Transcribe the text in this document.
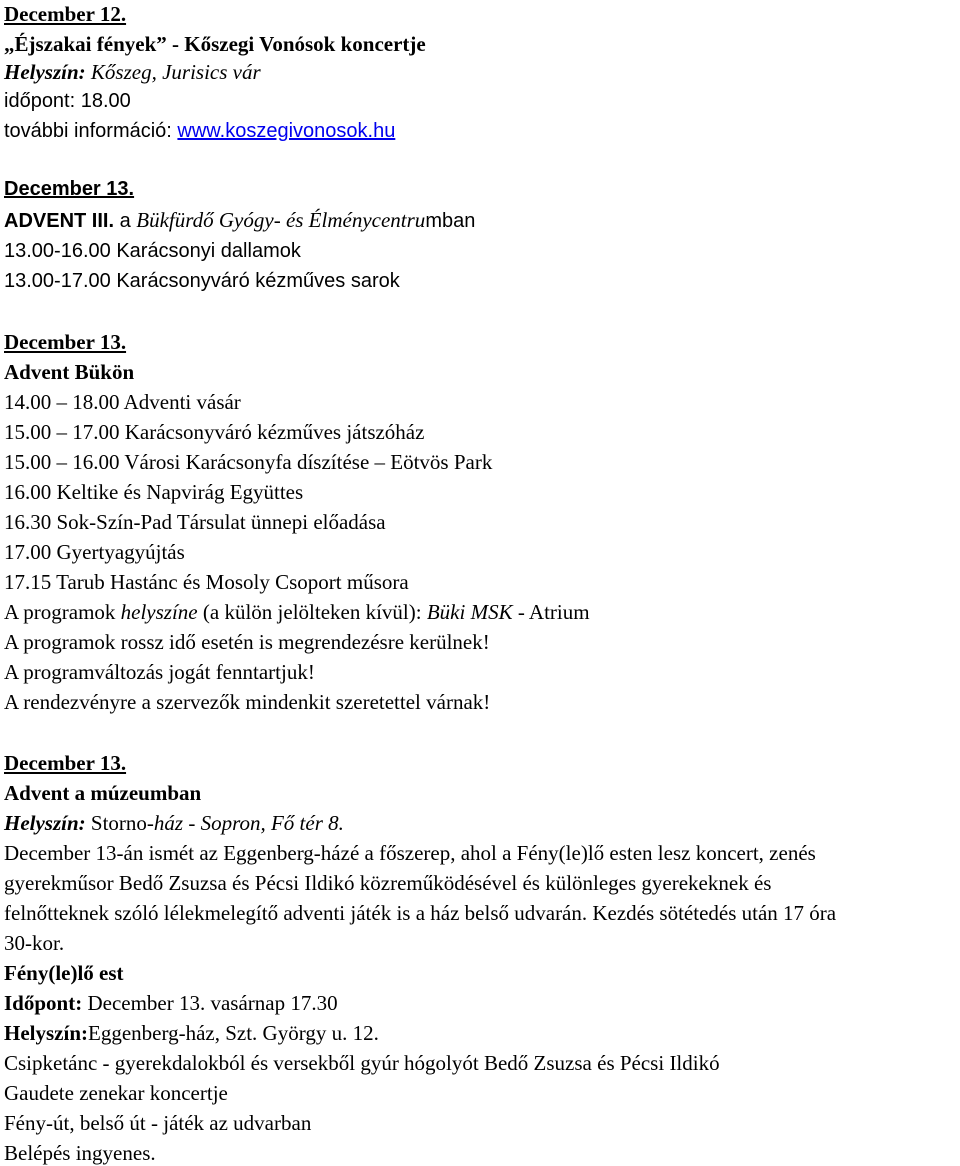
December 12.
„Éjszakai fények” - Kőszegi Vonósok koncertje
Helyszín: Kőszeg, Jurisics vár
időpont: 18.00
további információ: www.koszegivonosok.hu
December 13.
ADVENT III. a Bükfürdő Gyógy- és Élménycentrumban
13.00-16.00 Karácsonyi dallamok
13.00-17.00 Karácsonyváró kézműves sarok
December 13.
Advent Bükön
14.00 – 18.00 Adventi vásár
15.00 – 17.00 Karácsonyváró kézműves játszóház
15.00 – 16.00 Városi Karácsonyfa díszítése – Eötvös Park
16.00 Keltike és Napvirág Együttes
16.30 Sok-Szín-Pad Társulat ünnepi előadása
17.00 Gyertyagyújtás
17.15 Tarub Hastánc és Mosoly Csoport műsora
A programok helyszíne (a külön jelölteken kívül): Büki MSK - Atrium
A programok rossz idő esetén is megrendezésre kerülnek!
A programváltozás jogát fenntartjuk!
A rendezvényre a szervezők mindenkit szeretettel várnak!
December 13.
Advent a múzeumban
Helyszín: Storno-ház - Sopron, Fő tér 8.
December 13-án ismét az Eggenberg-házé a főszerep, ahol a Fény(le)lő esten lesz koncert, zenés
gyerekműsor Bedő Zsuzsa és Pécsi Ildikó közreműködésével és különleges gyerekeknek és
felnőtteknek szóló lélekmelegítő adventi játék is a ház belső udvarán. Kezdés sötétedés után 17 óra
30-kor.
Fény(le)lő est
Időpont: December 13. vasárnap 17.30
Helyszín:Eggenberg-ház, Szt. György u. 12.
Csipketánc - gyerekdalokból és versekből gyúr hógolyót Bedő Zsuzsa és Pécsi Ildikó
Gaudete zenekar koncertje
Fény-út, belső út - játék az udvarban
Belépés ingyenes.
